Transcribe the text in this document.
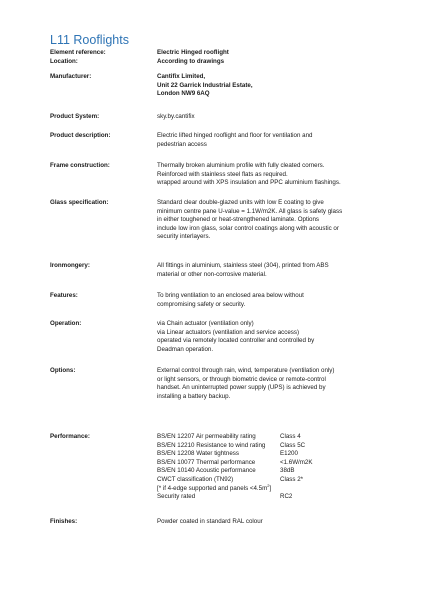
L11 Rooflights
Element reference:	Electric Hinged rooflight
Location:	According to drawings
Manufacturer:	Cantifix Limited,
Unit 22 Garrick Industrial Estate,
London NW9 6AQ
Product System:	sky.by.cantifix
Product description:	Electric lifted hinged rooflight and floor for ventilation and
pedestrian access
Frame construction:	Thermally broken aluminium profile with fully cleated corners.
Reinforced with stainless steel flats as required.
wrapped around with XPS insulation and PPC aluminium flashings.
Glass specification:	Standard clear double-glazed units with low E coating to give
minimum centre pane U-value = 1.1W/m2K. All glass is safety glass
in either toughened or heat-strengthened laminate. Options
include low iron glass, solar control coatings along with acoustic or
security interlayers.
Ironmongery:	All fittings in aluminium, stainless steel (304), printed from ABS
material or other non-corrosive material.
Features:	To bring ventilation to an enclosed area below without
compromising safety or security.
Operation:	via Chain actuator (ventilation only)
via Linear actuators (ventilation and service access)
operated via remotely located controller and controlled by
Deadman operation.
Options:	External control through rain, wind, temperature (ventilation only)
or light sensors, or through biometric device or remote-control
handset. An uninterrupted power supply (UPS) is achieved by
installing a battery backup.
Performance:	BS/EN 12207 Air permeability rating	Class 4
BS/EN 12210 Resistance to wind rating Class 5C
BS/EN 12208 Water tightness	E1200
BS/EN 10077 Thermal performance	<1.6W/m2K
BS/EN 10140 Acoustic performance	38dB
CWCT classification (TN92)	Class 2*
[* if 4-edge supported and panels $<4.5m^2$]
Security rated	RC2
Finishes:	Powder coated in standard RAL colour
